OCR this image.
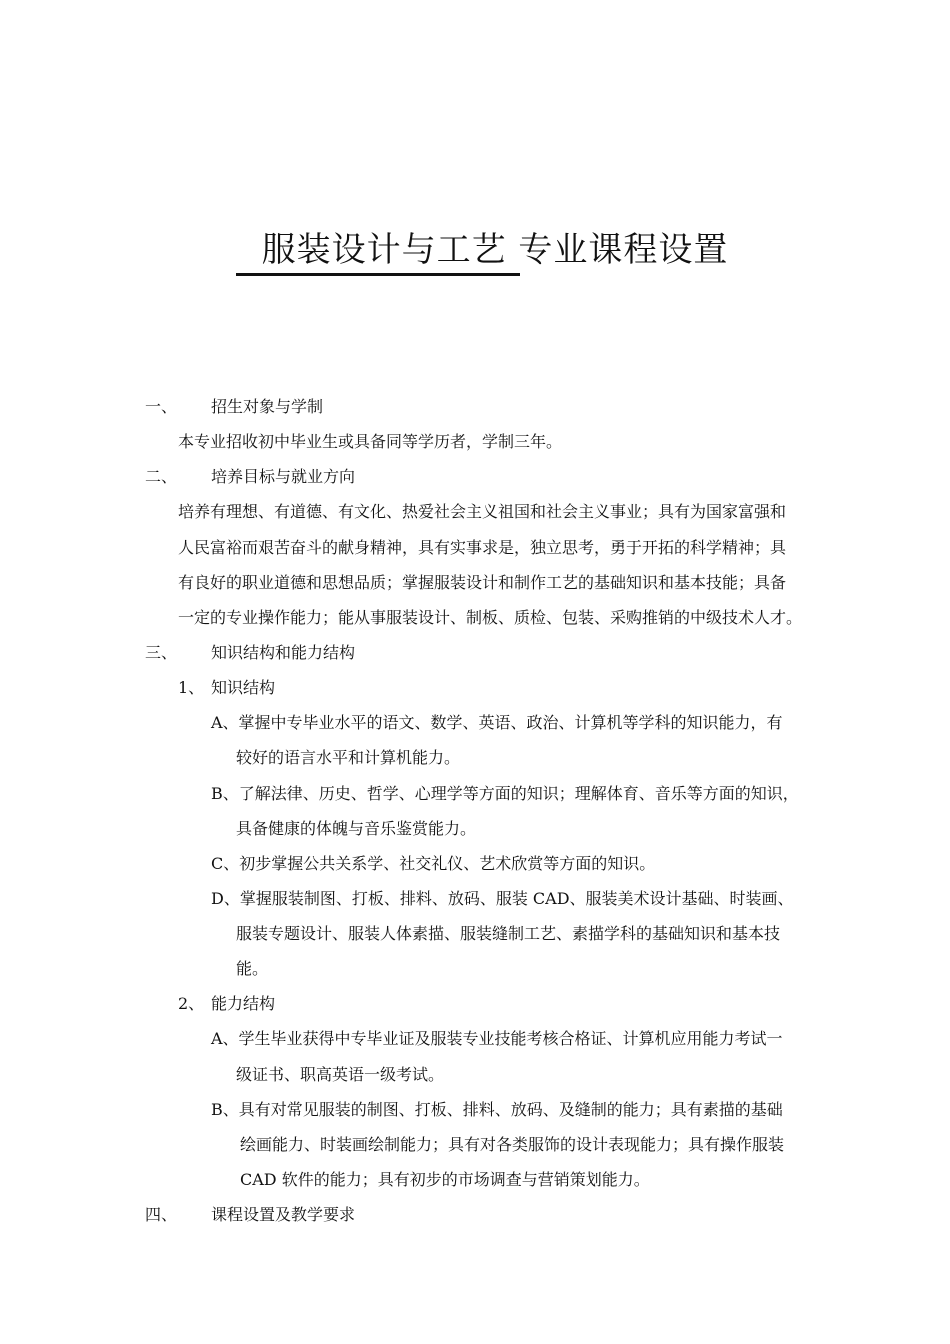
服装设计与工艺 专业课程设置
一、 招生对象与学制
本专业招收初中毕业生或具备同等学历者，学制三年。
二、 培养目标与就业方向
培养有理想、有道德、有文化、热爱社会主义祖国和社会主义事业；具有为国家富强和
人民富裕而艰苦奋斗的献身精神，具有实事求是，独立思考，勇于开拓的科学精神；具
有良好的职业道德和思想品质；掌握服装设计和制作工艺的基础知识和基本技能；具备
一定的专业操作能力；能从事服装设计、制板、质检、包装、采购推销的中级技术人才。
三、 知识结构和能力结构
1、 知识结构
A、掌握中专毕业水平的语文、数学、英语、政治、计算机等学科的知识能力，有
较好的语言水平和计算机能力。
B、了解法律、历史、哲学、心理学等方面的知识；理解体育、音乐等方面的知识，
具备健康的体魄与音乐鉴赏能力。
C、初步掌握公共关系学、社交礼仪、艺术欣赏等方面的知识。
D、掌握服装制图、打板、排料、放码、服装 CAD、服装美术设计基础、时装画、
服装专题设计、服装人体素描、服装缝制工艺、素描学科的基础知识和基本技
能。
2、 能力结构
A、学生毕业获得中专毕业证及服装专业技能考核合格证、计算机应用能力考试一
级证书、职高英语一级考试。
B、具有对常见服装的制图、打板、排料、放码、及缝制的能力；具有素描的基础
绘画能力、时装画绘制能力；具有对各类服饰的设计表现能力；具有操作服装
CAD 软件的能力；具有初步的市场调查与营销策划能力。
四、 课程设置及教学要求
